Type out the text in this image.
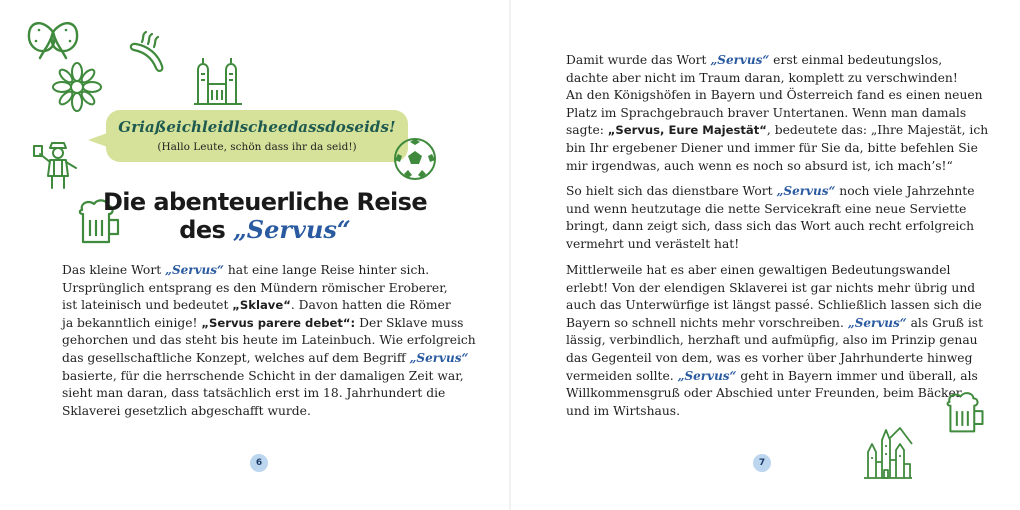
Griaßeichleidlscheedassdoseids!
(Hallo Leute, schön dass ihr da seid!)
Die abenteuerliche Reise
des „Servus“
Das kleine Wort „Servus“ hat eine lange Reise hinter sich.
Ursprünglich entsprang es den Mündern römischer Eroberer,
ist lateinisch und bedeutet „Sklave“. Davon hatten die Römer
ja bekanntlich einige! „Servus parere debet“: Der Sklave muss
gehorchen und das steht bis heute im Lateinbuch. Wie erfolgreich
das gesellschaftliche Konzept, welches auf dem Begriff „Servus“
basierte, für die herrschende Schicht in der damaligen Zeit war,
sieht man daran, dass tatsächlich erst im 18. Jahrhundert die
Sklaverei gesetzlich abgeschafft wurde.
6
Damit wurde das Wort „Servus“ erst einmal bedeutungslos,
dachte aber nicht im Traum daran, komplett zu verschwinden!
An den Königshöfen in Bayern und Österreich fand es einen neuen
Platz im Sprachgebrauch braver Untertanen. Wenn man damals
sagte: „Servus, Eure Majestät“, bedeutete das: „Ihre Majestät, ich
bin Ihr ergebener Diener und immer für Sie da, bitte befehlen Sie
mir irgendwas, auch wenn es noch so absurd ist, ich mach’s!“
So hielt sich das dienstbare Wort „Servus“ noch viele Jahrzehnte
und wenn heutzutage die nette Servicekraft eine neue Serviette
bringt, dann zeigt sich, dass sich das Wort auch recht erfolgreich
vermehrt und verästelt hat!
Mittlerweile hat es aber einen gewaltigen Bedeutungswandel
erlebt! Von der elendigen Sklaverei ist gar nichts mehr übrig und
auch das Unterwürfige ist längst passé. Schließlich lassen sich die
Bayern so schnell nichts mehr vorschreiben. „Servus“ als Gruß ist
lässig, verbindlich, herzhaft und aufmüpfig, also im Prinzip genau
das Gegenteil von dem, was es vorher über Jahrhunderte hinweg
vermeiden sollte. „Servus“ geht in Bayern immer und überall, als
Willkommensgruß oder Abschied unter Freunden, beim Bäcker
und im Wirtshaus.
7
